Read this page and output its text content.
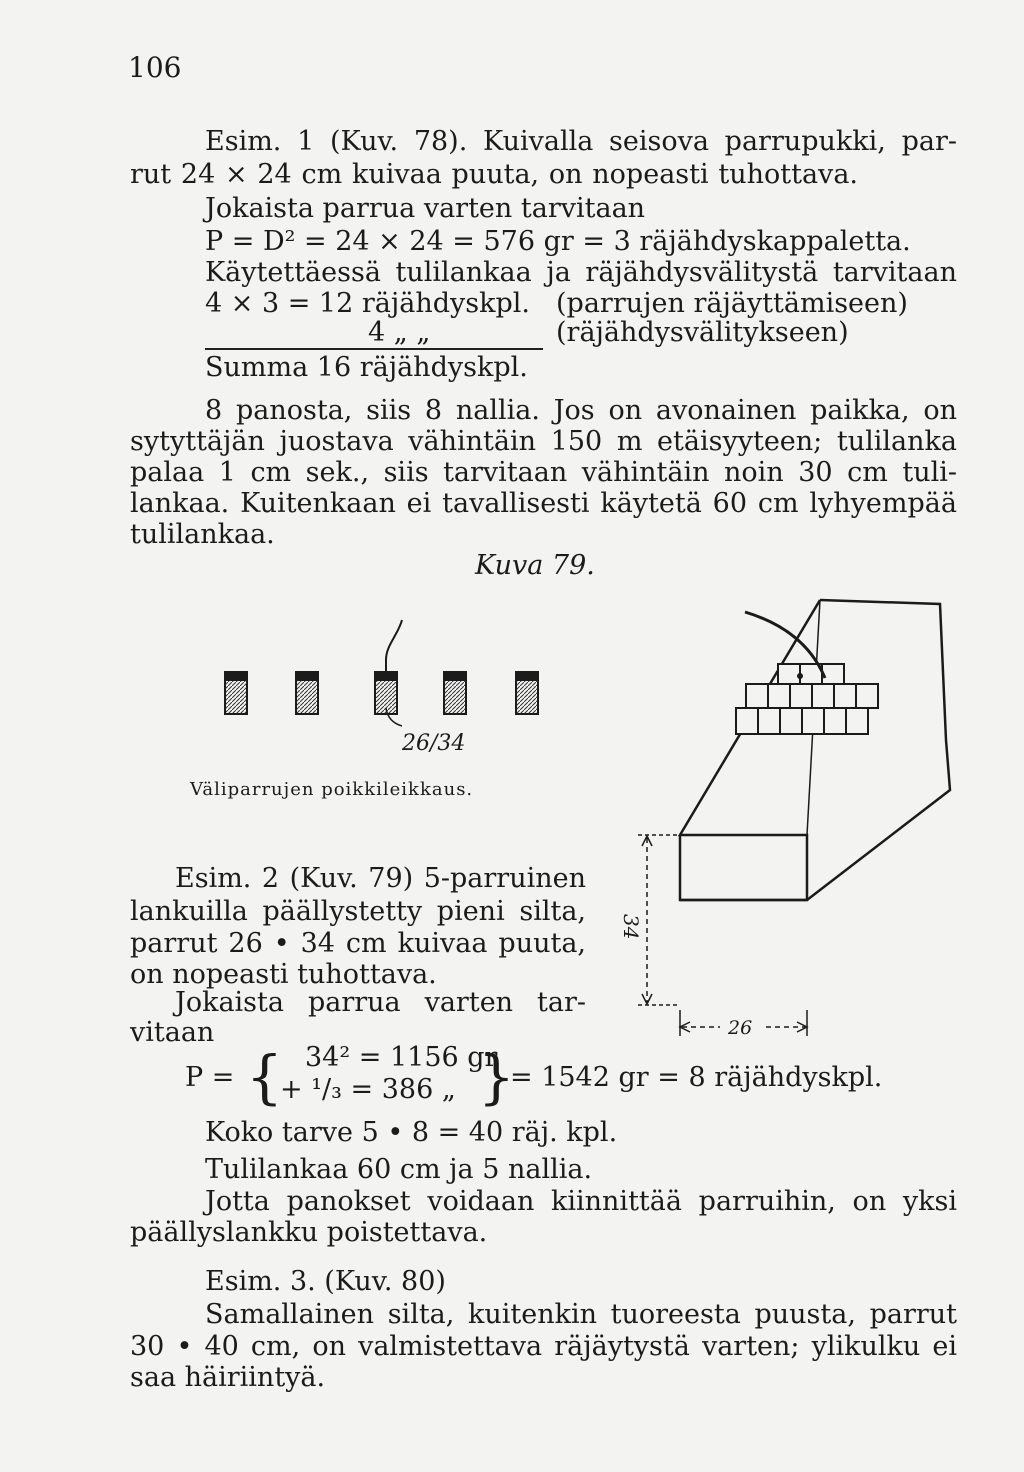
106
Esim. 1 (Kuv. 78). Kuivalla seisova parrupukki, par-
rut 24 × 24 cm kuivaa puuta, on nopeasti tuhottava.
Jokaista parrua varten tarvitaan
P = D² = 24 × 24 = 576 gr = 3 räjähdyskappaletta.
Käytettäessä tulilankaa ja räjähdysvälitystä tarvitaan
4 × 3 = 12 räjähdyskpl. (parrujen räjäyttämiseen)
4 „ „	(räjähdysvälitykseen)
Summa 16 räjähdyskpl.
8 panosta, siis 8 nallia. Jos on avonainen paikka, on
sytyttäjän juostava vähintäin 150 m etäisyyteen; tulilanka
palaa 1 cm sek., siis tarvitaan vähintäin noin 30 cm tuli-
lankaa. Kuitenkaan ei tavallisesti käytetä 60 cm lyhyempää
tulilankaa.
Kuva 79.
26/34
Väliparrujen poikkileikkaus.
34
26
Esim. 2 (Kuv. 79) 5-parruinen
lankuilla päällystetty pieni silta,
parrut 26 • 34 cm kuivaa puuta,
on nopeasti tuhottava.
Jokaista parrua varten tar-
vitaan
P = { 34² = 1156 gr
+ ¹/₃ = 386 „ }
= 1542 gr = 8 räjähdyskpl.
Koko tarve 5 • 8 = 40 räj. kpl.
Tulilankaa 60 cm ja 5 nallia.
Jotta panokset voidaan kiinnittää parruihin, on yksi
päällyslankku poistettava.
Esim. 3. (Kuv. 80)
Samallainen silta, kuitenkin tuoreesta puusta, parrut
30 • 40 cm, on valmistettava räjäytystä varten; ylikulku ei
saa häiriintyä.
